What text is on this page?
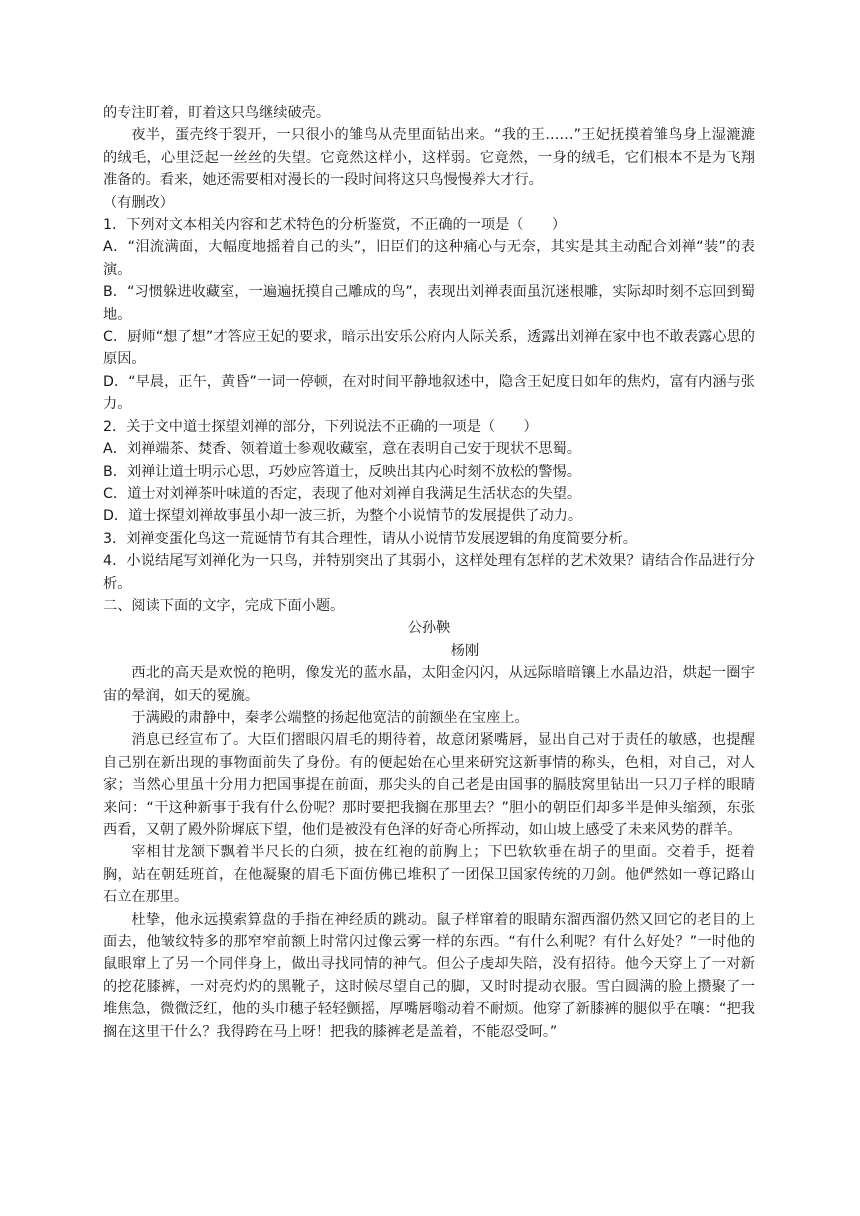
的专注盯着，盯着这只鸟继续破壳。

夜半，蛋壳终于裂开，一只很小的雏鸟从壳里面钻出来。“我的王……”王妃抚摸着雏鸟身上湿漉漉的绒毛，心里泛起一丝丝的失望。它竟然这样小，这样弱。它竟然，一身的绒毛，它们根本不是为飞翔准备的。看来，她还需要相对漫长的一段时间将这只鸟慢慢养大才行。

（有删改）

1．下列对文本相关内容和艺术特色的分析鉴赏，不正确的一项是（　　）

A．“泪流满面，大幅度地摇着自己的头”，旧臣们的这种痛心与无奈，其实是其主动配合刘禅“装”的表演。

B．“习惯躲进收藏室，一遍遍抚摸自己雕成的鸟”，表现出刘禅表面虽沉迷根雕，实际却时刻不忘回到蜀地。

C．厨师“想了想”才答应王妃的要求，暗示出安乐公府内人际关系，透露出刘禅在家中也不敢表露心思的原因。

D．“早晨，正午，黄昏”一词一停顿，在对时间平静地叙述中，隐含王妃度日如年的焦灼，富有内涵与张力。

2．关于文中道士探望刘禅的部分，下列说法不正确的一项是（　　）

A．刘禅端茶、焚香、领着道士参观收藏室，意在表明自己安于现状不思蜀。

B．刘禅让道士明示心思，巧妙应答道士，反映出其内心时刻不放松的警惕。

C．道士对刘禅茶叶味道的否定，表现了他对刘禅自我满足生活状态的失望。

D．道士探望刘禅故事虽小却一波三折，为整个小说情节的发展提供了动力。

3．刘禅变蛋化鸟这一荒诞情节有其合理性，请从小说情节发展逻辑的角度简要分析。

4．小说结尾写刘禅化为一只鸟，并特别突出了其弱小，这样处理有怎样的艺术效果？请结合作品进行分析。

二、阅读下面的文字，完成下面小题。

公孙鞅

杨刚

西北的高天是欢悦的艳明，像发光的蓝水晶，太阳金闪闪，从远际暗暗镶上水晶边沿，烘起一圈宇宙的晕润，如天的冕旒。

于满殿的肃静中，秦孝公端整的扬起他宽洁的前额坐在宝座上。

消息已经宣布了。大臣们摺眼闪眉毛的期待着，故意闭紧嘴唇，显出自己对于责任的敏感，也提醒自己别在新出现的事物面前失了身份。有的便起始在心里来研究这新事情的称头，色相，对自己，对人家；当然心里虽十分用力把国事提在前面，那尖头的自己老是由国事的膈肢窝里钻出一只刀子样的眼睛来问：“干这种新事于我有什么份呢？那时要把我搁在那里去？”胆小的朝臣们却多半是伸头缩颈，东张西看，又朝了殿外阶墀底下望，他们是被没有色泽的好奇心所挥动，如山坡上感受了未来风势的群羊。

宰相甘龙颔下飘着半尺长的白须，披在红袍的前胸上；下巴软软垂在胡子的里面。交着手，挺着胸，站在朝廷班首，在他凝聚的眉毛下面仿佛已堆积了一团保卫国家传统的刀剑。他俨然如一尊记路山石立在那里。

杜挚，他永远摸索算盘的手指在神经质的跳动。鼠子样窜着的眼睛东溜西溜仍然又回它的老目的上面去，他皱纹特多的那窄窄前额上时常闪过像云雾一样的东西。“有什么利呢？有什么好处？”一时他的鼠眼窜上了另一个同伴身上，做出寻找同情的神气。但公子虔却失陪，没有招待。他今天穿上了一对新的挖花膝裤，一对亮灼灼的黑靴子，这时候尽望自己的脚，又时时提动衣服。雪白圆满的脸上攒聚了一堆焦急，微微泛红，他的头巾穗子轻轻颤摇，厚嘴唇嗡动着不耐烦。他穿了新膝裤的腿似乎在嚷：“把我搁在这里干什么？我得跨在马上呀！把我的膝裤老是盖着，不能忍受呵。”
